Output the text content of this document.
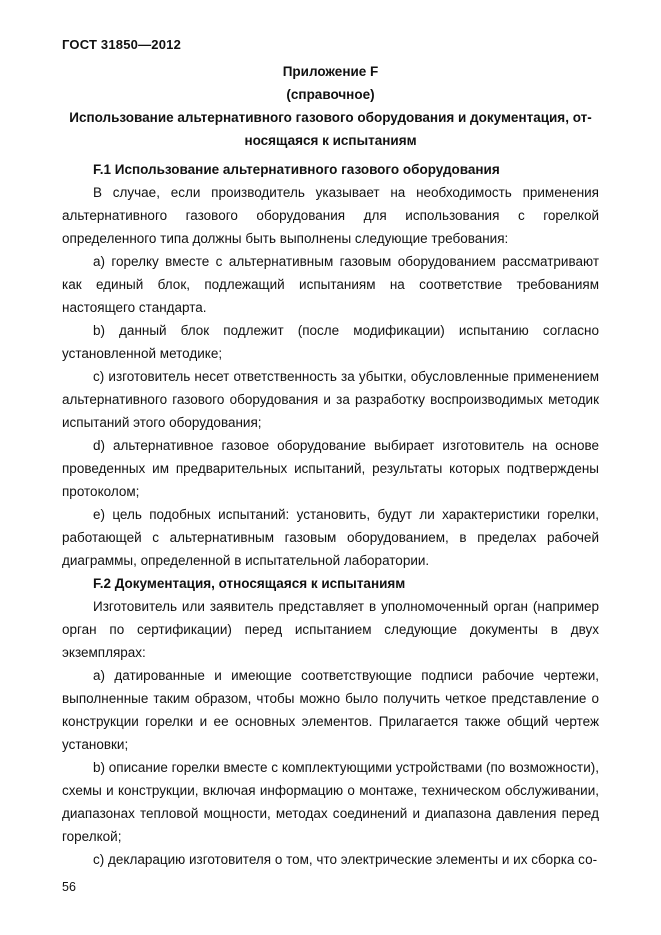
ГОСТ 31850—2012
Приложение F
(справочное)
Использование альтернативного газового оборудования и документация, от-
носящаяся к испытаниям
F.1 Использование альтернативного газового оборудования

В случае, если производитель указывает на необходимость применения альтернативного газового оборудования для использования с горелкой определенного типа должны быть выполнены следующие требования:

a) горелку вместе с альтернативным газовым оборудованием рассматривают как единый блок, подлежащий испытаниям на соответствие требованиям настоящего стандарта.

b) данный блок подлежит (после модификации) испытанию согласно установленной методике;

c) изготовитель несет ответственность за убытки, обусловленные применением альтернативного газового оборудования и за разработку воспроизводимых методик испытаний этого оборудования;

d) альтернативное газовое оборудование выбирает изготовитель на основе проведенных им предварительных испытаний, результаты которых подтверждены протоколом;

e) цель подобных испытаний: установить, будут ли характеристики горелки, работающей с альтернативным газовым оборудованием, в пределах рабочей диаграммы, определенной в испытательной лаборатории.

F.2 Документация, относящаяся к испытаниям

Изготовитель или заявитель представляет в уполномоченный орган (например орган по сертификации) перед испытанием следующие документы в двух экземплярах:

a) датированные и имеющие соответствующие подписи рабочие чертежи, выполненные таким образом, чтобы можно было получить четкое представление о конструкции горелки и ее основных элементов. Прилагается также общий чертеж установки;

b) описание горелки вместе с комплектующими устройствами (по возможности), схемы и конструкции, включая информацию о монтаже, техническом обслуживании, диапазонах тепловой мощности, методах соединений и диапазона давления перед горелкой;

c) декларацию изготовителя о том, что электрические элементы и их сборка со-

56
